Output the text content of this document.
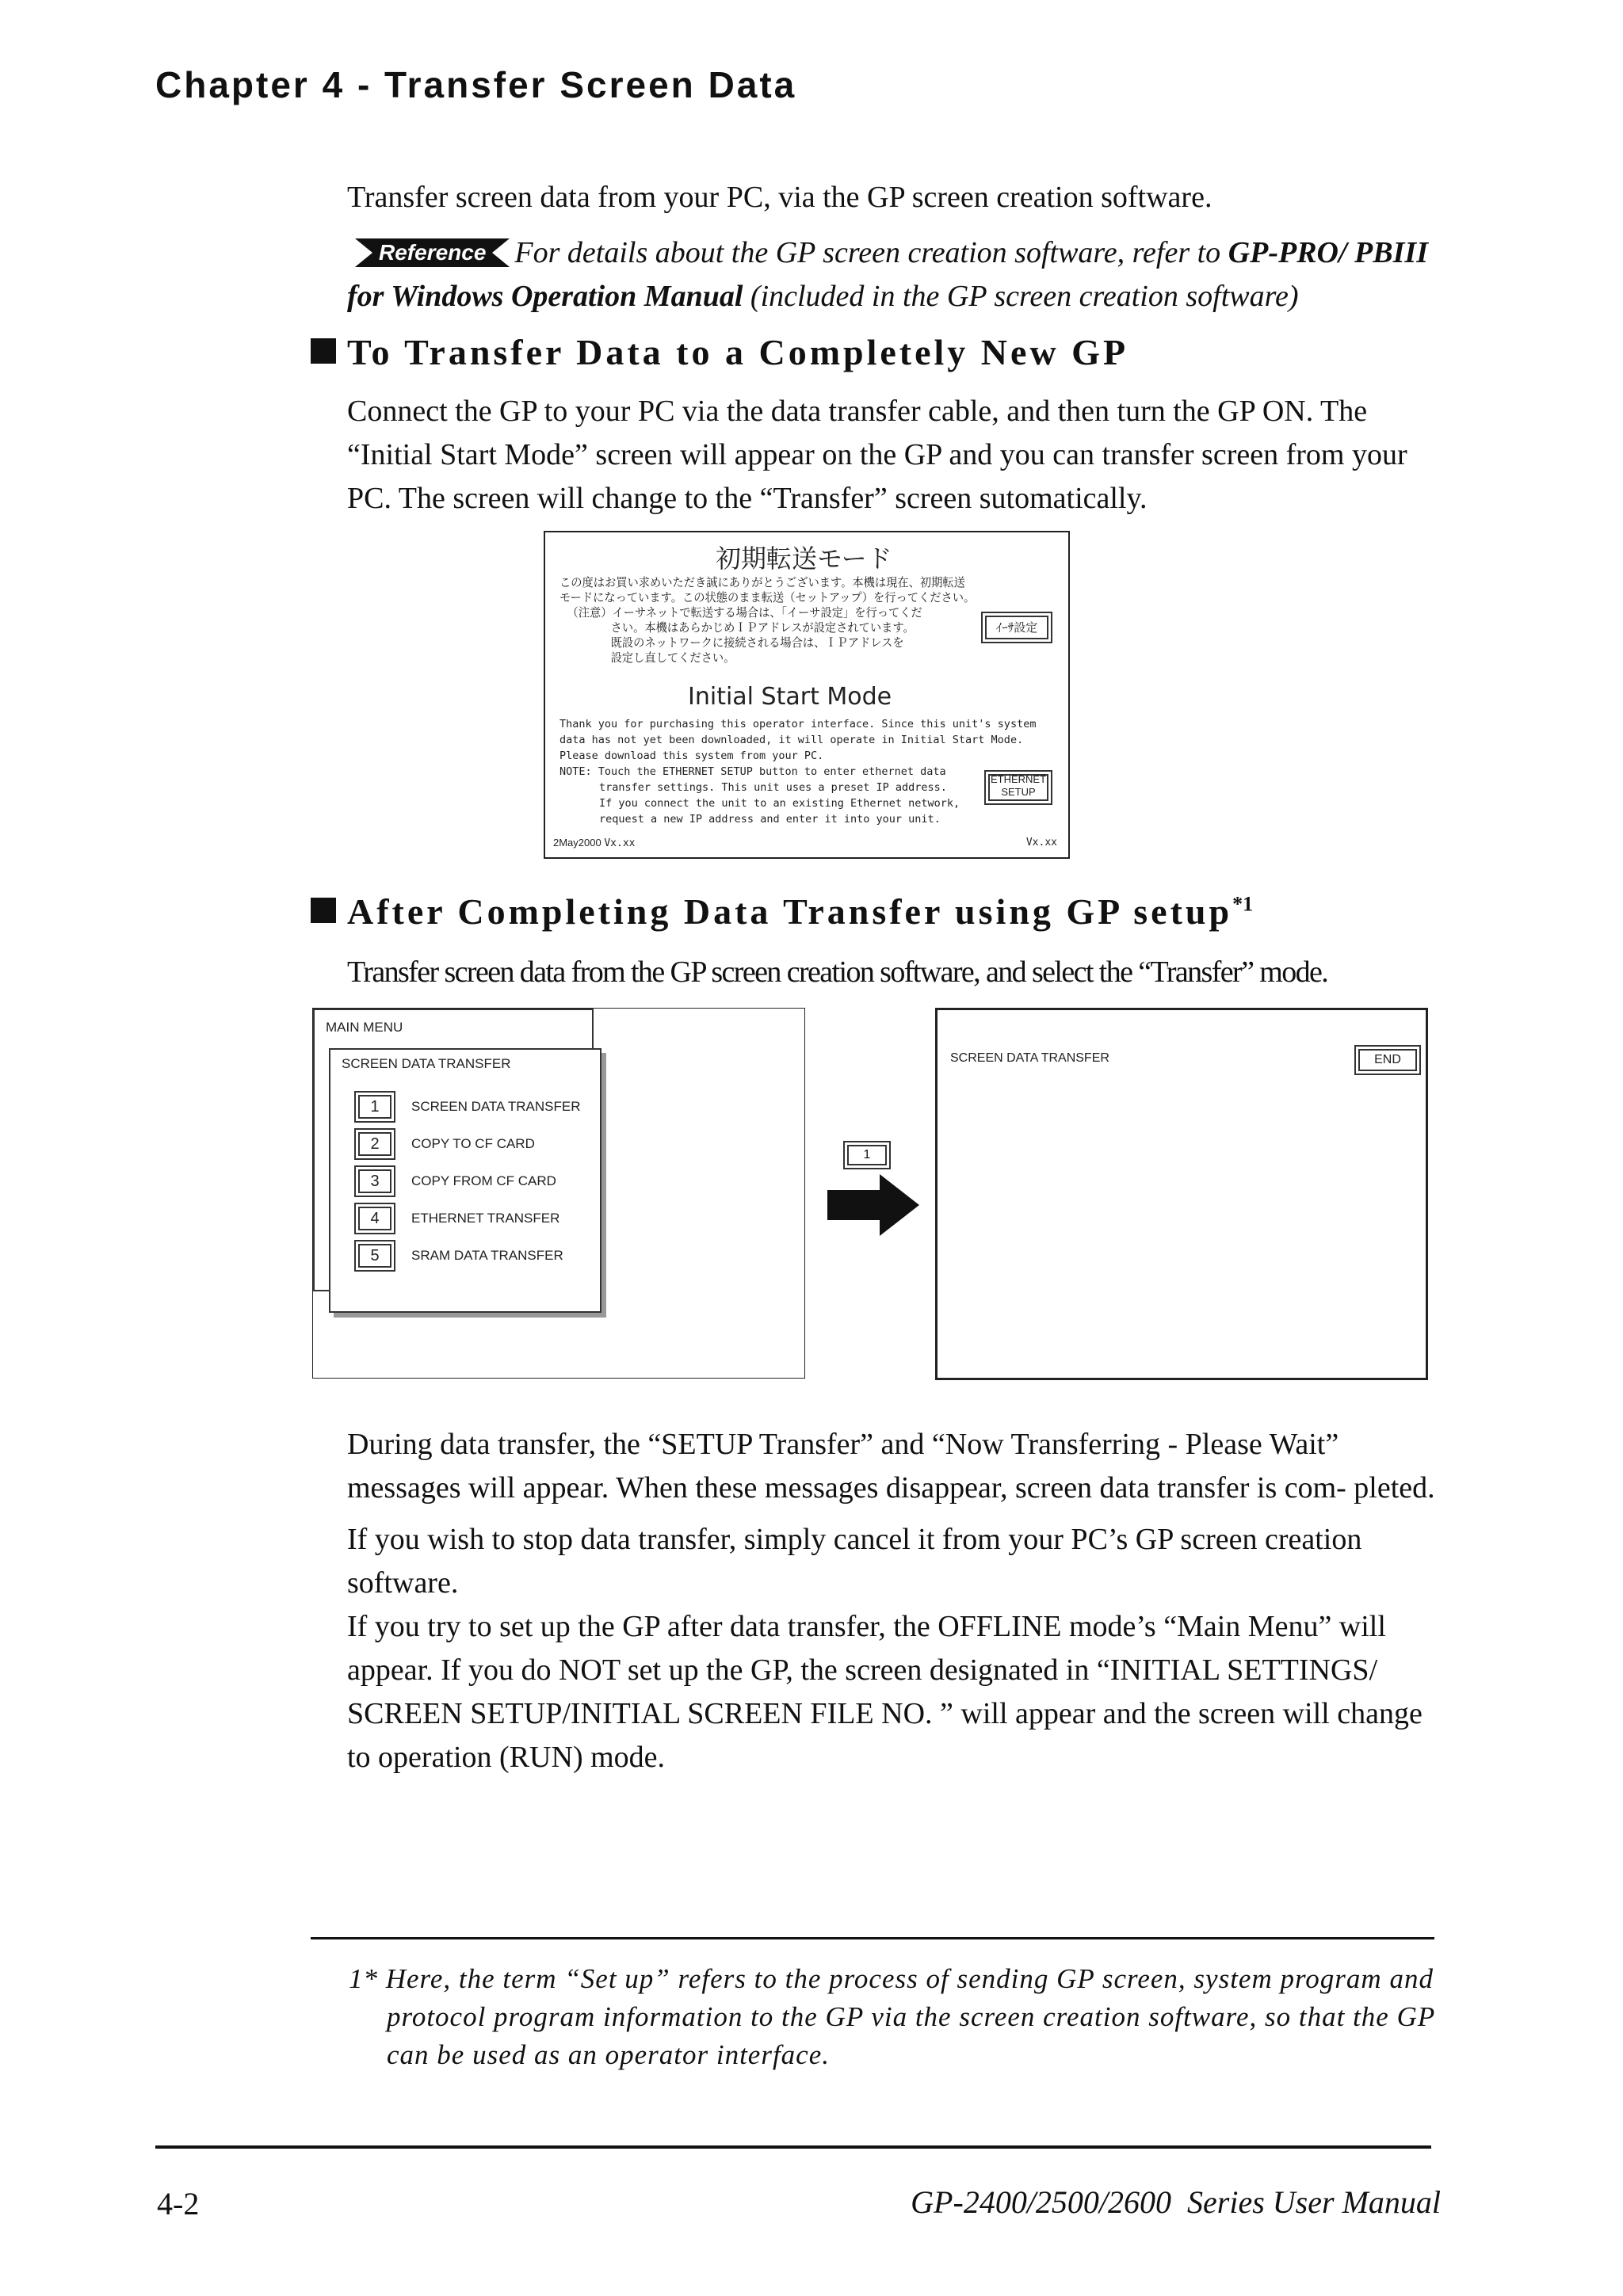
Chapter 4 - Transfer Screen Data

Transfer screen data from your PC, via the GP screen creation software.

Reference For details about the GP screen creation software, refer to GP-PRO/ PBIII for Windows Operation Manual (included in the GP screen creation software)
To Transfer Data to a Completely New GP

Connect the GP to your PC via the data transfer cable, and then turn the GP ON. The “Initial Start Mode” screen will appear on the GP and you can transfer screen from your PC. The screen will change to the “Transfer” screen sutomatically.

初期転送モード
この度はお買い求めいただき誠にありがとうございます。本機は現在、初期転送
モードになっています。この状態のまま転送（セットアップ）を行ってください。
（注意）イーサネットで転送する場合は、「イーサ設定」を行ってくだ
さい。本機はあらかじめＩＰアドレスが設定されています。
既設のネットワークに接続される場合は、ＩＰアドレスを
設定し直してください。
ｲｰｻ設定
Initial Start Mode
Thank you for purchasing this operator interface. Since this unit's system
data has not yet been downloaded, it will operate in Initial Start Mode.
Please download this system from your PC.
NOTE: Touch the ETHERNET SETUP button to enter ethernet data
transfer settings. This unit uses a preset IP address.
If you connect the unit to an existing Ethernet network,
request a new IP address and enter it into your unit.
ETHERNET
SETUP
2May2000 Vx.xx	Vx.xx
After Completing Data Transfer using GP setup$^{*1}$

Transfer screen data from the GP screen creation software, and select the “Transfer” mode.

MAIN MENU
SCREEN DATA TRANSFER
1	SCREEN DATA TRANSFER
2	COPY TO CF CARD
3	COPY FROM CF CARD
4	ETHERNET TRANSFER
5	SRAM DATA TRANSFER
1
SCREEN DATA TRANSFER	END

During data transfer, the “SETUP Transfer” and “Now Transferring - Please Wait” messages will appear. When these messages disappear, screen data transfer is com- pleted.

If you wish to stop data transfer, simply cancel it from your PC’s GP screen creation software.

If you try to set up the GP after data transfer, the OFFLINE mode’s “Main Menu” will appear. If you do NOT set up the GP, the screen designated in “INITIAL SETTINGS/ SCREEN SETUP/INITIAL SCREEN FILE NO. ” will appear and the screen will change to operation (RUN) mode.

1* Here, the term “Set up” refers to the process of sending GP screen, system program and protocol program information to the GP via the screen creation software, so that the GP can be used as an operator interface.
4-2	GP-2400/2500/2600  Series User Manual
